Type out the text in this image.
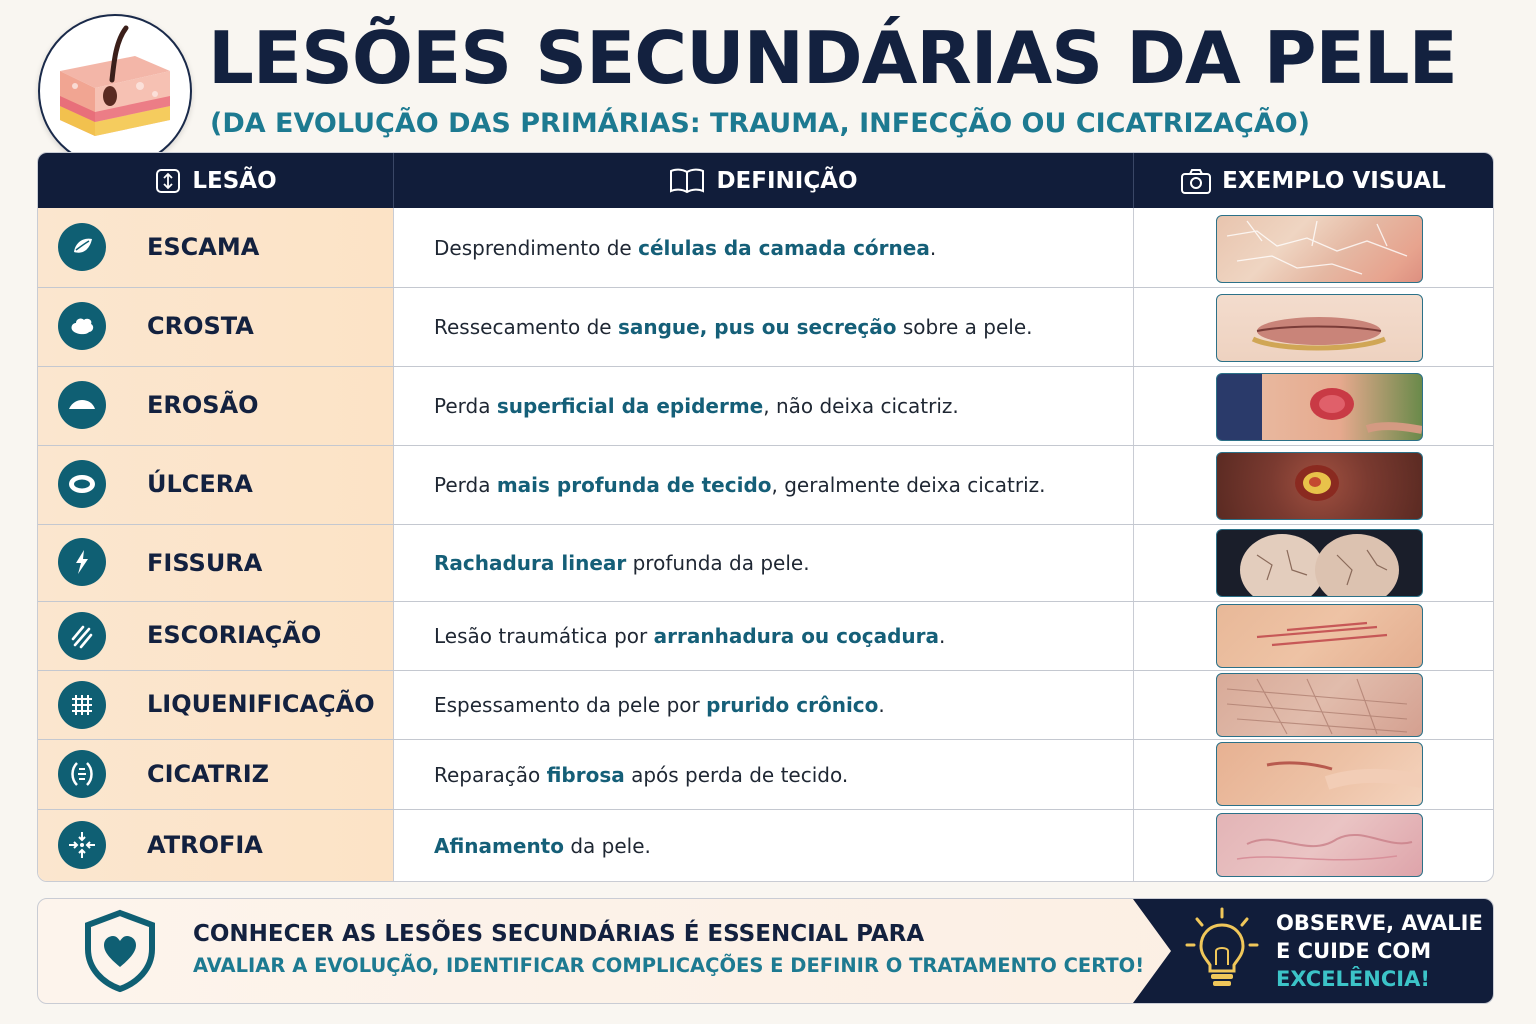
LESÕES SECUNDÁRIAS DA PELE

(DA EVOLUÇÃO DAS PRIMÁRIAS: TRAUMA, INFECÇÃO OU CICATRIZAÇÃO)

LESÃO	DEFINIÇÃO	EXEMPLO VISUAL
ESCAMA	Desprendimento de células da camada córnea.
CROSTA	Ressecamento de sangue, pus ou secreção sobre a pele.
EROSÃO	Perda superficial da epiderme, não deixa cicatriz.
ÚLCERA	Perda mais profunda de tecido, geralmente deixa cicatriz.
FISSURA	Rachadura linear profunda da pele.
ESCORIAÇÃO	Lesão traumática por arranhadura ou coçadura.
LIQUENIFICAÇÃO	Espessamento da pele por prurido crônico.
CICATRIZ	Reparação fibrosa após perda de tecido.
ATROFIA	Afinamento da pele.
CONHECER AS LESÕES SECUNDÁRIAS É ESSENCIAL PARA
AVALIAR A EVOLUÇÃO, IDENTIFICAR COMPLICAÇÕES E DEFINIR O TRATAMENTO CERTO!
OBSERVE, AVALIE
E CUIDE COM
EXCELÊNCIA!
